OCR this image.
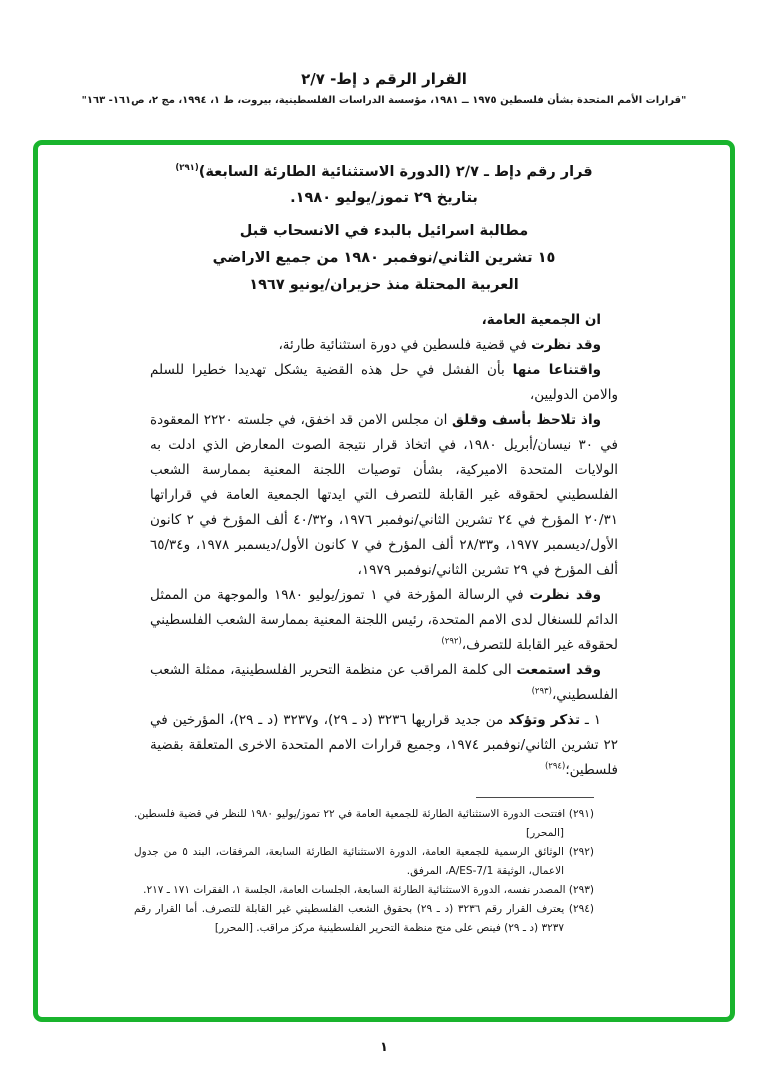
القرار الرقم د إط- ٢/٧
"قرارات الأمم المتحدة بشأن فلسطين ١٩٧٥ ــ ١٩٨١، مؤسسة الدراسات الفلسطينية، بيروت، ط ١، ١٩٩٤، مج ٢، ص١٦١- ١٦٣"
قرار رقم دإط ـ ٢/٧ (الدورة الاستثنائية الطارئة السابعة)$^{(٢٩١)}$
بتاريخ ٢٩ تموز/يوليو ١٩٨٠.
مطالبة اسرائيل بالبدء في الانسحاب قبل
١٥ تشرين الثاني/نوفمبر ١٩٨٠ من جميع الاراضي
العربية المحتلة منذ حزيران/يونيو ١٩٦٧

ان الجمعية العامة،

وقد نظرت في قضية فلسطين في دورة استثنائية طارئة،

واقتناعا منها بأن الفشل في حل هذه القضية يشكل تهديدا خطيرا للسلم والامن الدوليين،

واذ تلاحظ بأسف وقلق ان مجلس الامن قد اخفق، في جلسته ٢٢٢٠ المعقودة في ٣٠ نيسان/أبريل ١٩٨٠، في اتخاذ قرار نتيجة الصوت المعارض الذي ادلت به الولايات المتحدة الاميركية، بشأن توصيات اللجنة المعنية بممارسة الشعب الفلسطيني لحقوقه غير القابلة للتصرف التي ايدتها الجمعية العامة في قراراتها ٢٠/٣١ المؤرخ في ٢٤ تشرين الثاني/نوفمبر ١٩٧٦، و٤٠/٣٢ ألف المؤرخ في ٢ كانون الأول/ديسمبر ١٩٧٧، و٢٨/٣٣ ألف المؤرخ في ٧ كانون الأول/ديسمبر ١٩٧٨، و٦٥/٣٤ ألف المؤرخ في ٢٩ تشرين الثاني/نوفمبر ١٩٧٩،

وقد نظرت في الرسالة المؤرخة في ١ تموز/يوليو ١٩٨٠ والموجهة من الممثل الدائم للسنغال لدى الامم المتحدة، رئيس اللجنة المعنية بممارسة الشعب الفلسطيني لحقوقه غير القابلة للتصرف،$^{(٢٩٢)}$

وقد استمعت الى كلمة المراقب عن منظمة التحرير الفلسطينية، ممثلة الشعب الفلسطيني،$^{(٢٩٣)}$

١ ـ تذكر وتؤكد من جديد قراريها ٣٢٣٦ (د ـ ٢٩)، و٣٢٣٧ (د ـ ٢٩)، المؤرخين في ٢٢ تشرين الثاني/نوفمبر ١٩٧٤، وجميع قرارات الامم المتحدة الاخرى المتعلقة بقضية فلسطين؛$^{(٢٩٤)}$

(٢٩١) افتتحت الدورة الاستثنائية الطارئة للجمعية العامة في ٢٢ تموز/يوليو ١٩٨٠ للنظر في قضية فلسطين. [المحرر]

(٢٩٢) الوثائق الرسمية للجمعية العامة، الدورة الاستثنائية الطارئة السابعة، المرفقات، البند ٥ من جدول الاعمال، الوثيقة A/ES-7/1، المرفق.

(٢٩٣) المصدر نفسه، الدورة الاستثنائية الطارئة السابعة، الجلسات العامة، الجلسة ١، الفقرات ١٧١ ـ ٢١٧.

(٢٩٤) يعترف القرار رقم ٣٢٣٦ (د ـ ٢٩) بحقوق الشعب الفلسطيني غير القابلة للتصرف. أما القرار رقم ٣٢٣٧ (د ـ ٢٩) فينص على منح منظمة التحرير الفلسطينية مركز مراقب. [المحرر]

١
